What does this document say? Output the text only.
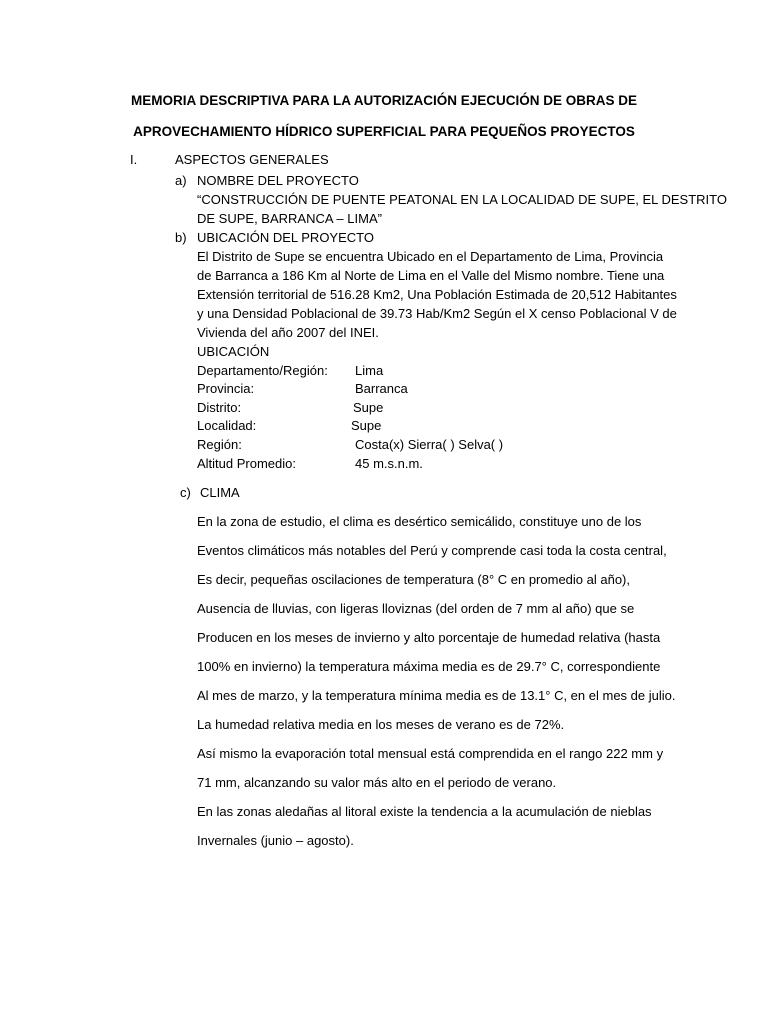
MEMORIA DESCRIPTIVA PARA LA AUTORIZACIÓN EJECUCIÓN DE OBRAS DE
APROVECHAMIENTO HÍDRICO SUPERFICIAL PARA PEQUEÑOS PROYECTOS
I.	ASPECTOS GENERALES
a) NOMBRE DEL PROYECTO
“CONSTRUCCIÓN DE PUENTE PEATONAL EN LA LOCALIDAD DE SUPE, EL DESTRITO
DE SUPE, BARRANCA – LIMA”
b) UBICACIÓN DEL PROYECTO
El Distrito de Supe se encuentra Ubicado en el Departamento de Lima, Provincia
de Barranca a 186 Km al Norte de Lima en el Valle del Mismo nombre. Tiene una
Extensión territorial de 516.28 Km2, Una Población Estimada de 20,512 Habitantes
y una Densidad Poblacional de 39.73 Hab/Km2 Según el X censo Poblacional V de
Vivienda del año 2007 del INEI.
UBICACIÓN
Departamento/Región: Lima
Provincia:	Barranca
Distrito:	Supe
Localidad:	Supe
Región:	Costa(x) Sierra( ) Selva( )
Altitud Promedio:	45 m.s.n.m.
c) CLIMA
En la zona de estudio, el clima es desértico semicálido, constituye uno de los
Eventos climáticos más notables del Perú y comprende casi toda la costa central,
Es decir, pequeñas oscilaciones de temperatura (8° C en promedio al año),
Ausencia de lluvias, con ligeras lloviznas (del orden de 7 mm al año) que se
Producen en los meses de invierno y alto porcentaje de humedad relativa (hasta
100% en invierno) la temperatura máxima media es de 29.7° C, correspondiente
Al mes de marzo, y la temperatura mínima media es de 13.1° C, en el mes de julio.
La humedad relativa media en los meses de verano es de 72%.
Así mismo la evaporación total mensual está comprendida en el rango 222 mm y
71 mm, alcanzando su valor más alto en el periodo de verano.
En las zonas aledañas al litoral existe la tendencia a la acumulación de nieblas
Invernales (junio – agosto).
